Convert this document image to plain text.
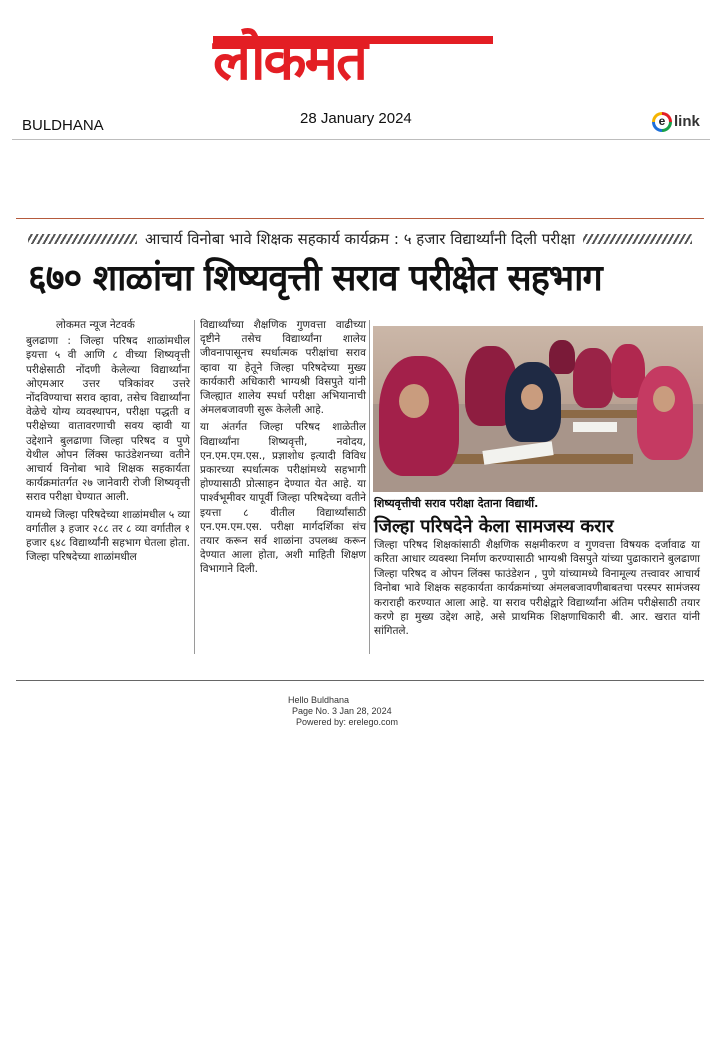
लोकमत
BULDHANA	28 January 2024	e link
आचार्य विनोबा भावे शिक्षक सहकार्य कार्यक्रम : ५ हजार विद्यार्थ्यांनी दिली परीक्षा
६७० शाळांचा शिष्यवृत्ती सराव परीक्षेत सहभाग

लोकमत न्यूज नेटवर्क

बुलढाणा : जिल्हा परिषद शाळांमधील इयत्ता ५ वी आणि ८ वीच्या शिष्यवृत्ती परीक्षेसाठी नोंदणी केलेल्या विद्यार्थ्यांना ओएमआर उत्तर पत्रिकांवर उत्तरे नोंदविण्याचा सराव व्हावा, तसेच विद्यार्थ्यांना वेळेचे योग्य व्यवस्थापन, परीक्षा पद्धती व परीक्षेच्या वातावरणाची सवय व्हावी या उद्देशाने बुलढाणा जिल्हा परिषद व पुणे येथील ओपन लिंक्स फाउंडेशनच्या वतीने आचार्य विनोबा भावे शिक्षक सहकार्यता कार्यक्रमांतर्गत २७ जानेवारी रोजी शिष्यवृत्ती सराव परीक्षा घेण्यात आली.

यामध्ये जिल्हा परिषदेच्या शाळांमधील ५ व्या वर्गातील ३ हजार २८८ तर ८ व्या वर्गातील १ हजार ६४८ विद्यार्थ्यांनी सहभाग घेतला होता. जिल्हा परिषदेच्या शाळांमधील

विद्यार्थ्यांच्या शैक्षणिक गुणवत्ता वाढीच्या दृष्टीने तसेच विद्यार्थ्यांना शालेय जीवनापासूनच स्पर्धात्मक परीक्षांचा सराव व्हावा या हेतूने जिल्हा परिषदेच्या मुख्य कार्यकारी अधिकारी भाग्यश्री विसपुते यांनी जिल्ह्यात शालेय स्पर्धा परीक्षा अभियानाची अंमलबजावणी सुरू केलेली आहे.

या अंतर्गत जिल्हा परिषद शाळेतील विद्यार्थ्यांना शिष्यवृत्ती, नवोदय, एन.एम.एम.एस., प्रज्ञाशोध इत्यादी विविध प्रकारच्या स्पर्धात्मक परीक्षांमध्ये सहभागी होण्यासाठी प्रोत्साहन देण्यात येत आहे. या पार्श्वभूमीवर यापूर्वी जिल्हा परिषदेच्या वतीने इयत्ता ८ वीतील विद्यार्थ्यांसाठी एन.एम.एम.एस. परीक्षा मार्गदर्शिका संच तयार करून सर्व शाळांना उपलब्ध करून देण्यात आला होता, अशी माहिती शिक्षण विभागाने दिली.

शिष्यवृत्तीची सराव परीक्षा देताना विद्यार्थी.
जिल्हा परिषदेने केला सामजस्य करार
जिल्हा परिषद शिक्षकांसाठी शैक्षणिक सक्षमीकरण व गुणवत्ता विषयक दर्जावाढ या करिता आधार व्यवस्था निर्माण करण्यासाठी भाग्यश्री विसपुते यांच्या पुढाकाराने बुलढाणा जिल्हा परिषद व ओपन लिंक्स फाउंडेशन , पुणे यांच्यामध्ये विनामूल्य तत्त्वावर आचार्य विनोबा भावे शिक्षक सहकार्यता कार्यक्रमांच्या अंमलबजावणीबाबतचा परस्पर सामंजस्य कराराही करण्यात आला आहे. या सराव परीक्षेद्वारे विद्यार्थ्यांना अंतिम परीक्षेसाठी तयार करणे हा मुख्य उद्देश आहे, असे प्राथमिक शिक्षणाधिकारी बी. आर. खरात यांनी सांगितले.
Hello Buldhana
Page No. 3 Jan 28, 2024
Powered by: erelego.com
